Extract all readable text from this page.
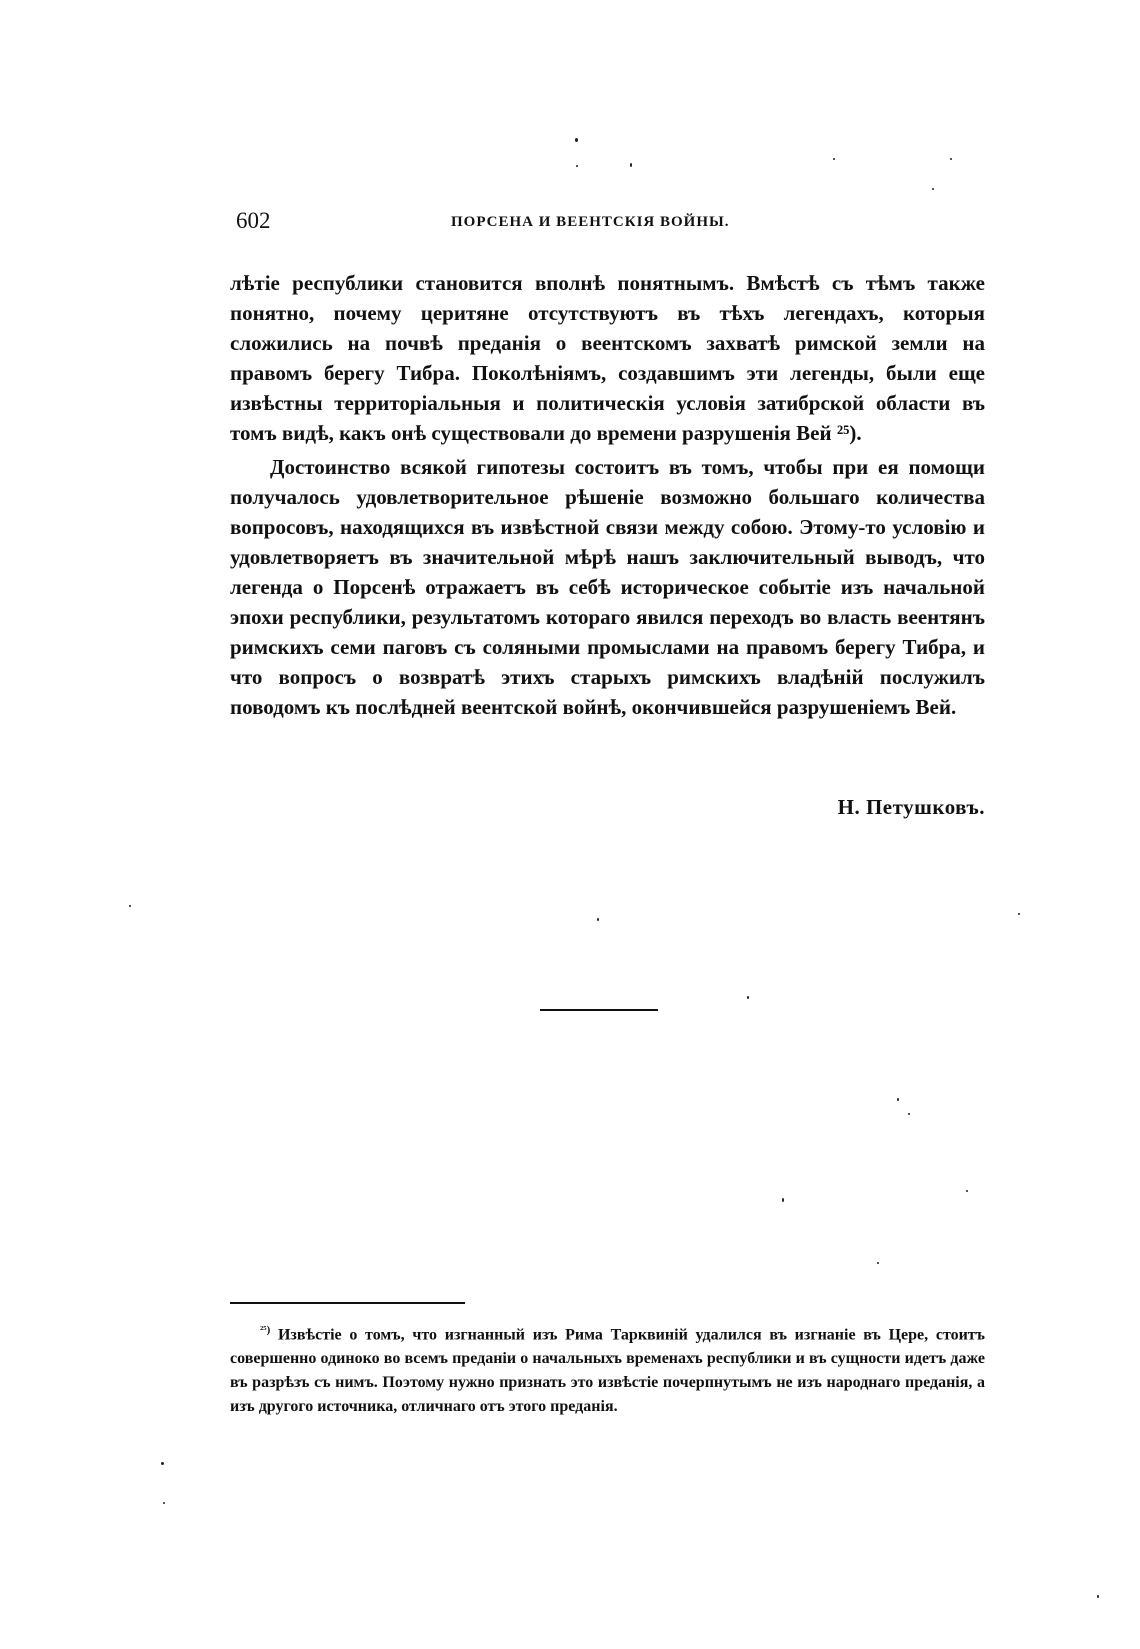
602	ПОРСЕНА И ВЕЕНТСКІЯ ВОЙНЫ.

лѣтіе республики становится вполнѣ понятнымъ. Вмѣстѣ съ тѣмъ также понятно, почему церитяне отсутствуютъ въ тѣхъ легендахъ, которыя сложились на почвѣ преданія о веентскомъ захватѣ римской земли на правомъ берегу Тибра. Поколѣніямъ, создавшимъ эти легенды, были еще извѣстны территоріальныя и политическія условія затибрской области въ томъ видѣ, какъ онѣ существовали до времени разрушенія Вей ²⁵).

Достоинство всякой гипотезы состоитъ въ томъ, чтобы при ея помощи получалось удовлетворительное рѣшеніе возможно большаго количества вопросовъ, находящихся въ извѣстной связи между собою. Этому-то условію и удовлетворяетъ въ значительной мѣрѣ нашъ заключительный выводъ, что легенда о Порсенѣ отражаетъ въ себѣ историческое событіе изъ начальной эпохи республики, результатомъ котораго явился переходъ во власть веентянъ римскихъ семи паговъ съ соляными промыслами на правомъ берегу Тибра, и что вопросъ о возвратѣ этихъ старыхъ римскихъ владѣній послужилъ поводомъ къ послѣдней веентской войнѣ, окончившейся разрушеніемъ Вей.

Н. Петушковъ.

$^{^{25})}$ Извѣстіе о томъ, что изгнанный изъ Рима Тарквиній удалился въ изгнаніе въ Цере, стоитъ совершенно одиноко во всемъ преданіи о начальныхъ временахъ республики и въ сущности идетъ даже въ разрѣзъ съ нимъ. Поэтому нужно признать это извѣстіе почерпнутымъ не изъ народнаго преданія, а изъ другого источника, отличнаго отъ этого преданія.
